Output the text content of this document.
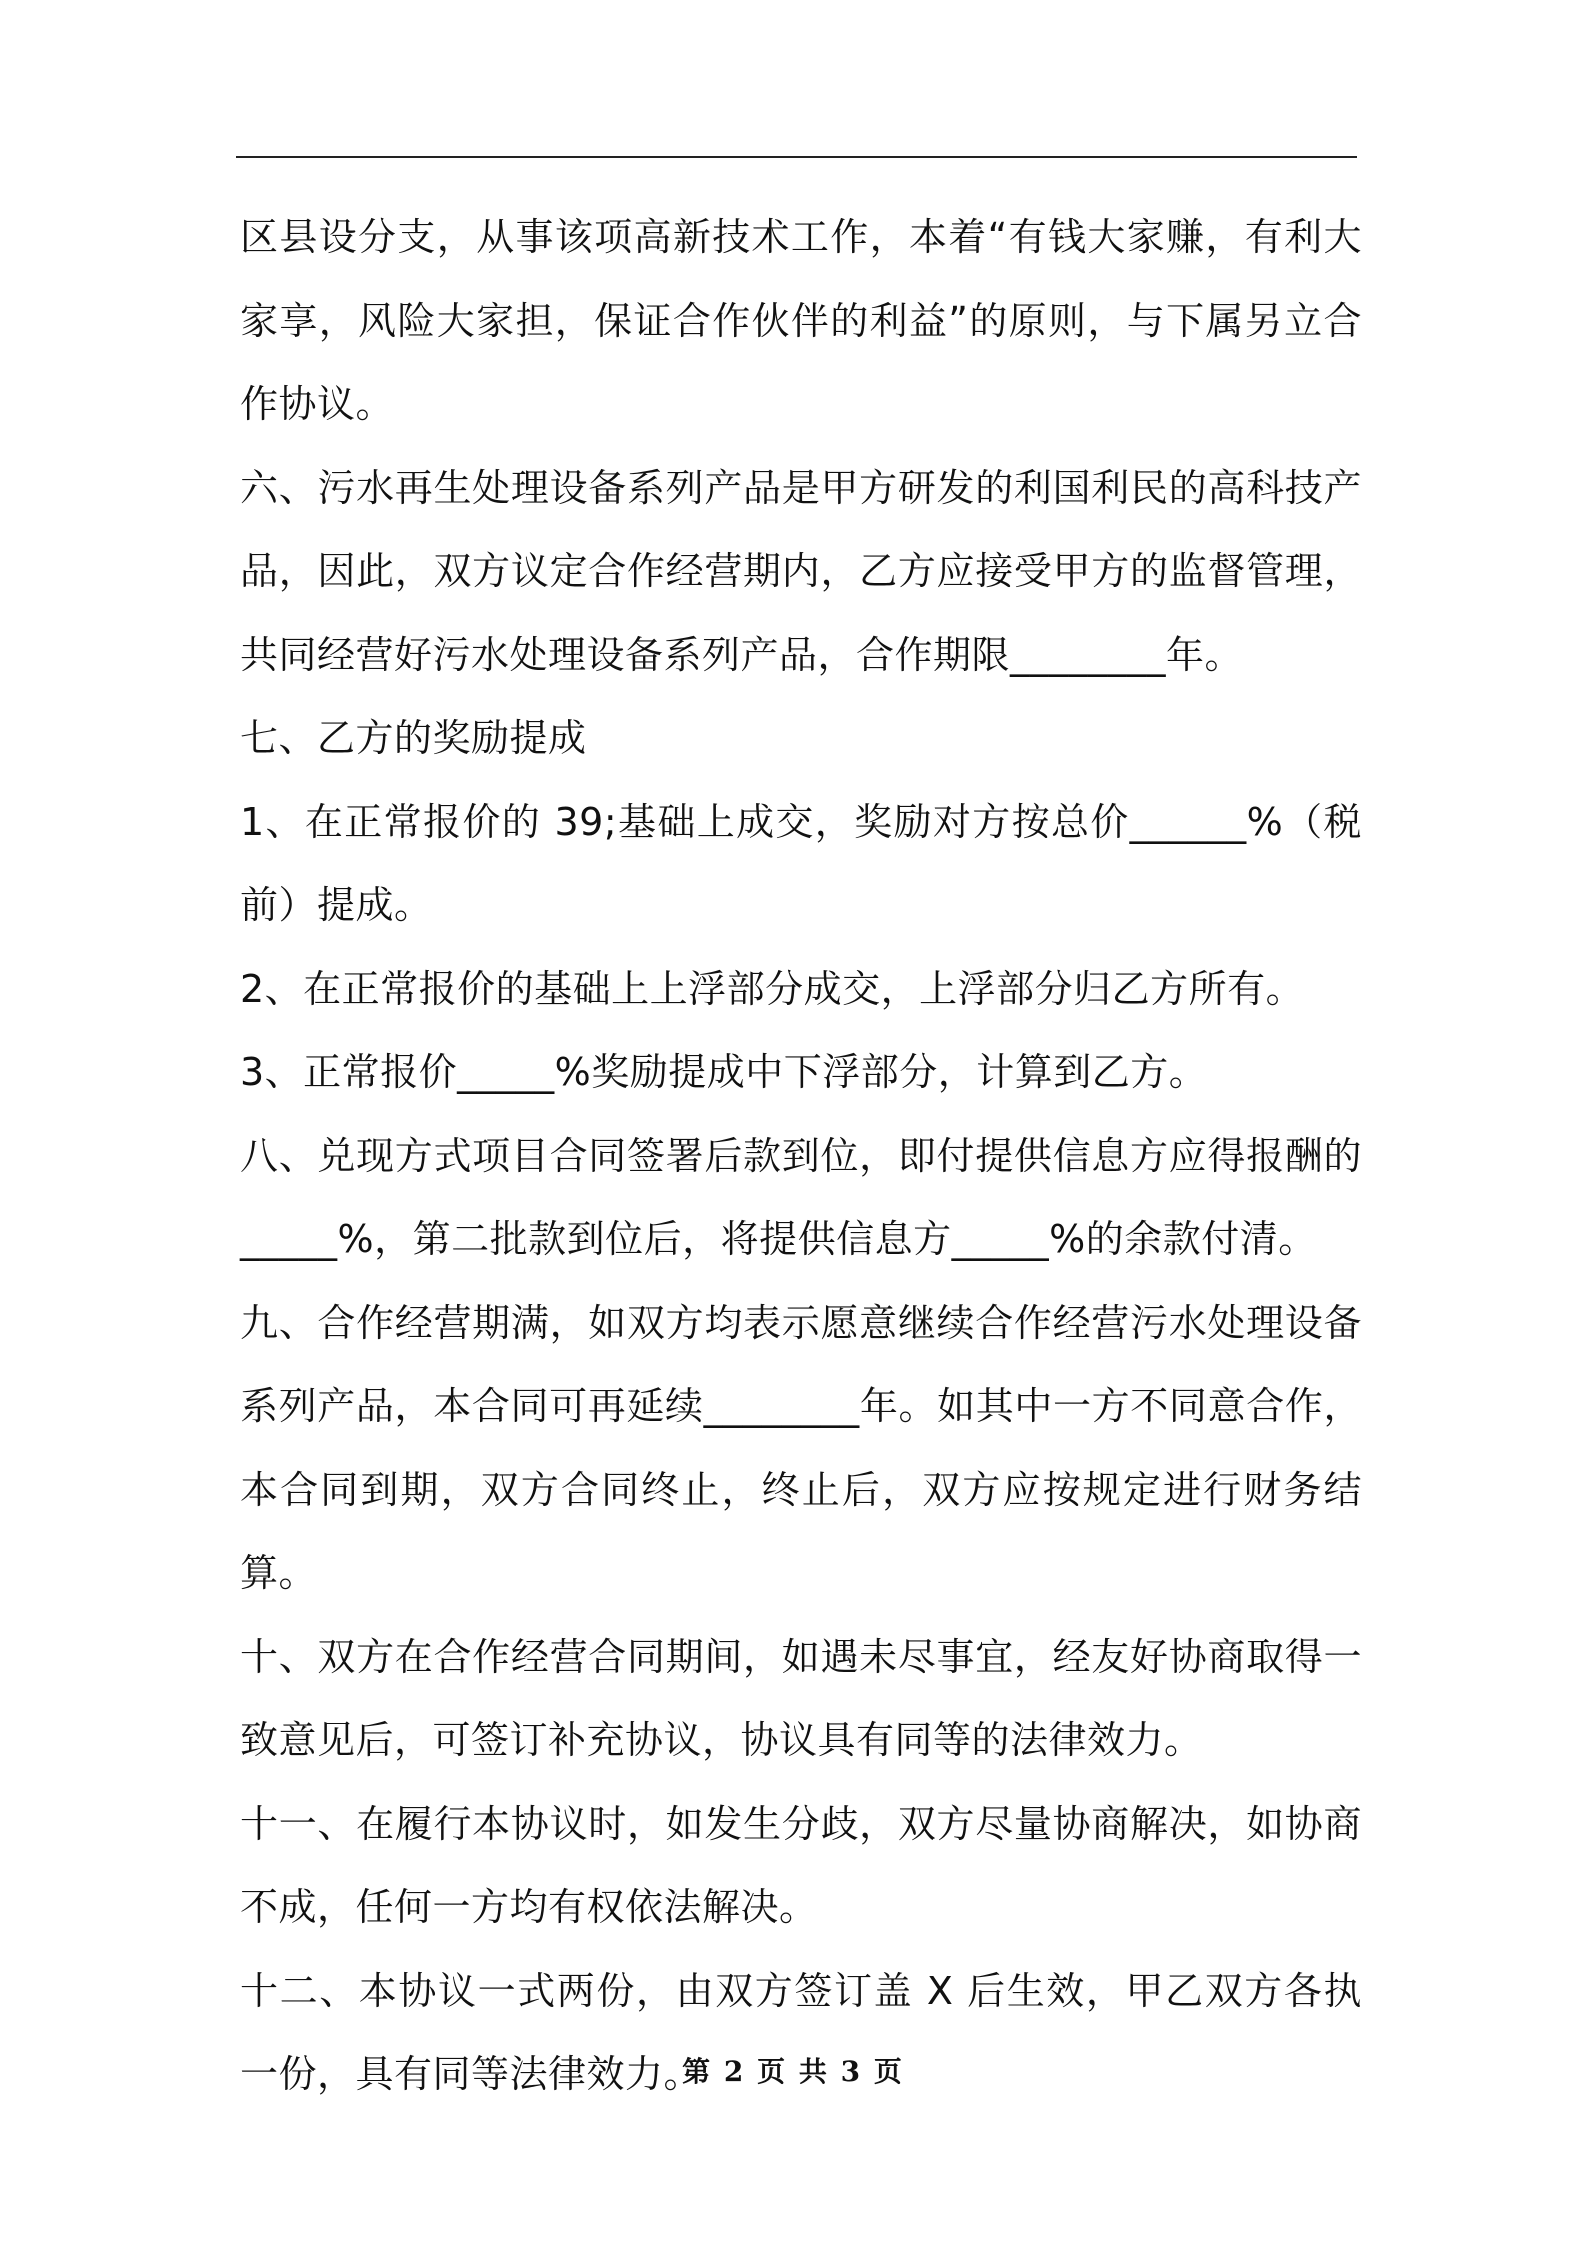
区县设分支，从事该项高新技术工作，本着“有钱大家赚，有利大家享，风险大家担，保证合作伙伴的利益”的原则，与下属另立合作协议。

六、污水再生处理设备系列产品是甲方研发的利国利民的高科技产品，因此，双方议定合作经营期内，乙方应接受甲方的监督管理，共同经营好污水处理设备系列产品，合作期限________年。

七、乙方的奖励提成

1、在正常报价的 39;基础上成交，奖励对方按总价______%（税前）提成。

2、在正常报价的基础上上浮部分成交，上浮部分归乙方所有。

3、正常报价_____%奖励提成中下浮部分，计算到乙方。

八、兑现方式项目合同签署后款到位，即付提供信息方应得报酬的_____%，第二批款到位后，将提供信息方_____%的余款付清。

九、合作经营期满，如双方均表示愿意继续合作经营污水处理设备系列产品，本合同可再延续________年。如其中一方不同意合作，本合同到期，双方合同终止，终止后，双方应按规定进行财务结算。

十、双方在合作经营合同期间，如遇未尽事宜，经友好协商取得一致意见后，可签订补充协议，协议具有同等的法律效力。

十一、在履行本协议时，如发生分歧，双方尽量协商解决，如协商不成，任何一方均有权依法解决。

十二、本协议一式两份，由双方签订盖 X 后生效，甲乙双方各执一份，具有同等法律效力。

第 2 页 共 3 页
